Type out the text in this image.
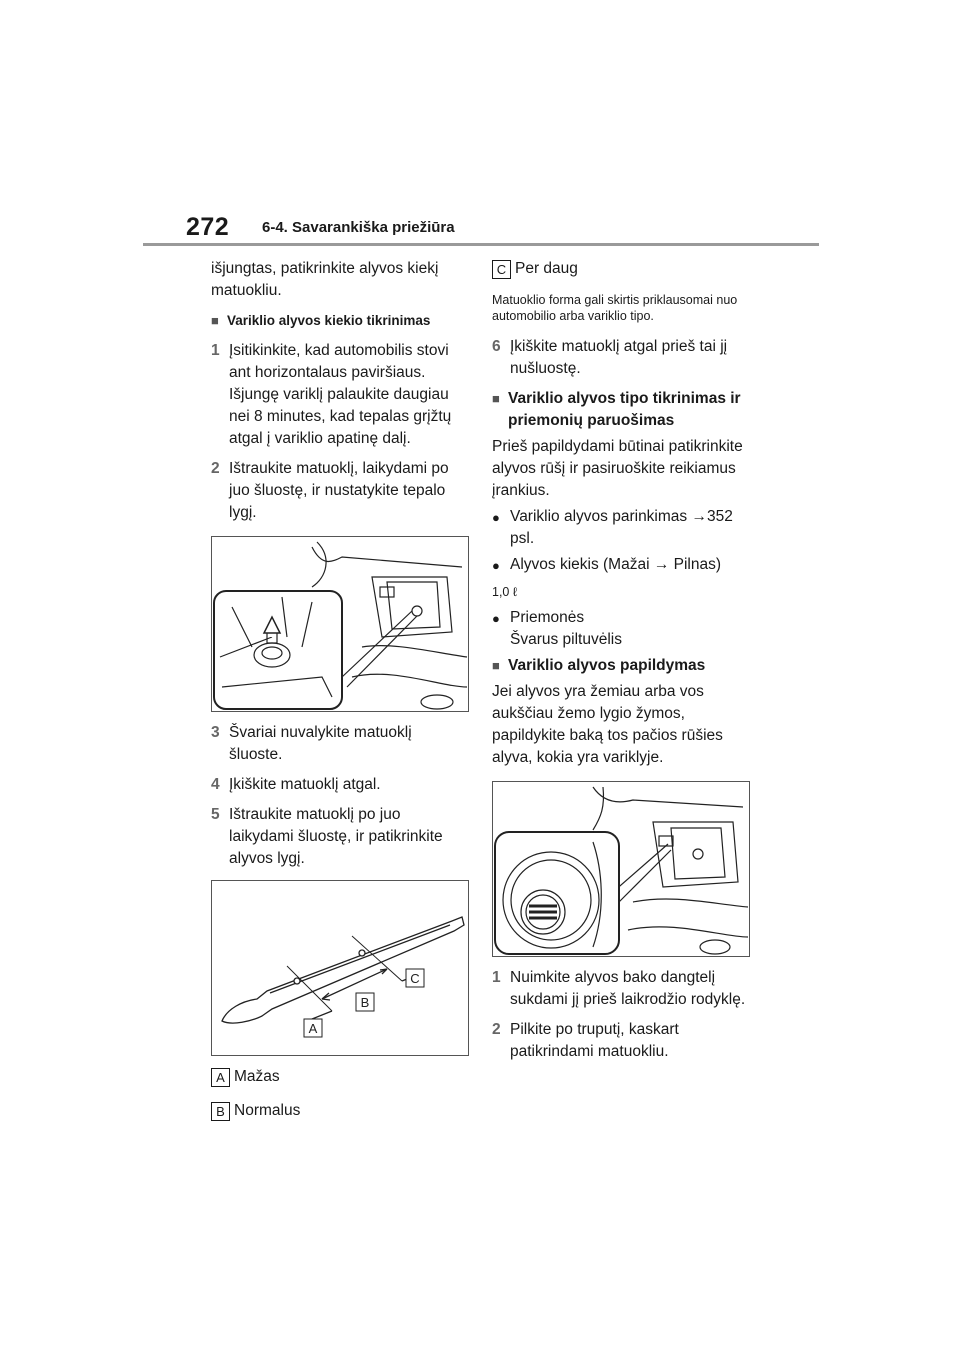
272 6-4. Savarankiška priežiūra

išjungtas, patikrinkite alyvos kiekį matuokliu.

■ Variklio alyvos kiekio tikrinimas
1 Įsitikinkite, kad automobilis stovi ant horizontalaus paviršiaus. Išjungę variklį palaukite daugiau nei 8 minutes, kad tepalas grįžtų atgal į variklio apatinę dalį.
2 Ištraukite matuoklį, laikydami po juo šluostę, ir nustatykite tepalo lygį.
3 Švariai nuvalykite matuoklį šluoste.
4 Įkiškite matuoklį atgal.
5 Ištraukite matuoklį po juo laikydami šluostę, ir patikrinkite alyvos lygį.
A
B
C
A Mažas
B Normalus
C Per daug

Matuoklio forma gali skirtis priklausomai nuo automobilio arba variklio tipo.

6 Įkiškite matuoklį atgal prieš tai jį nušluostę.
■ Variklio alyvos tipo tikrinimas ir priemonių paruošimas

Prieš papildydami būtinai patikrinkite alyvos rūšį ir pasiruoškite reikiamus įrankius.

● Variklio alyvos parinkimas →352 psl.
● Alyvos kiekis (Mažai → Pilnas)

1,0 ℓ

● Priemonės
Švarus piltuvėlis
■ Variklio alyvos papildymas

Jei alyvos yra žemiau arba vos aukščiau žemo lygio žymos, papildykite baką tos pačios rūšies alyva, kokia yra variklyje.

1 Nuimkite alyvos bako dangtelį sukdami jį prieš laikrodžio rodyklę.
2 Pilkite po truputį, kaskart patikrindami matuokliu.
